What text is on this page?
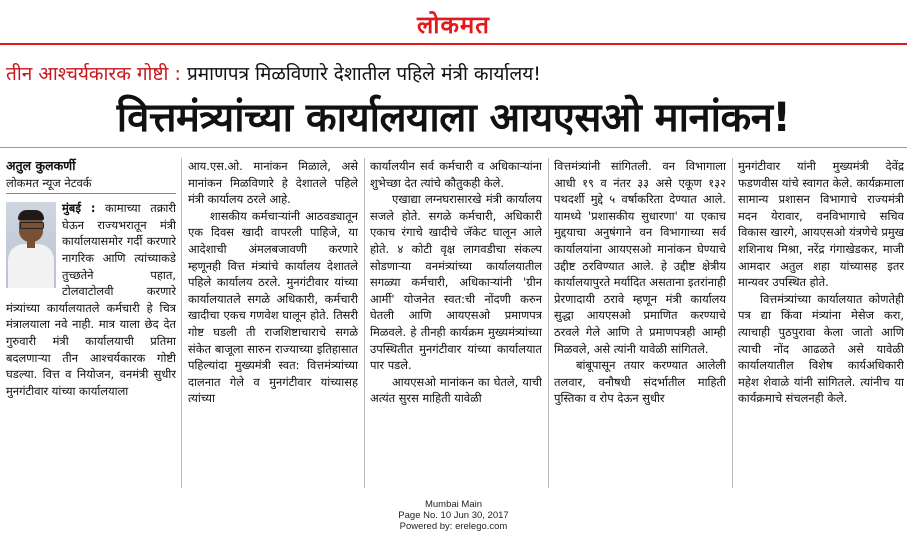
लोकमत
तीन आश्चर्यकारक गोष्टी : प्रमाणपत्र मिळविणारे देशातील पहिले मंत्री कार्यालय!
वित्तमंत्र्यांच्या कार्यालयाला आयएसओ मानांकन!
अतुल कुलकर्णी
लोकमत न्यूज नेटवर्क

मुंबई : कामाच्या तक्रारी घेऊन राज्यभरातून मंत्री कार्यालयासमोर गर्दी करणारे नागरिक आणि त्यांच्याकडे तुच्छतेने पहात, टोलवाटोलवी करणारे मंत्र्यांच्या कार्यालयातले कर्मचारी हे चित्र मंत्रालयाला नवे नाही. मात्र याला छेद देत गुरुवारी मंत्री कार्यालयाची प्रतिमा बदलणाऱ्या तीन आश्चर्यकारक गोष्टी घडल्या. वित्त व नियोजन, वनमंत्री सुधीर मुनगंटीवार यांच्या कार्यालयाला

आय.एस.ओ. मानांकन मिळाले, असे मानांकन मिळविणारे हे देशातले पहिले मंत्री कार्यालय ठरले आहे.

शासकीय कर्मचाऱ्यांनी आठवड्यातून एक दिवस खादी वापरली पाहिजे, या आदेशाची अंमलबजावणी करणारे म्हणूनही वित्त मंत्र्यांचे कार्यालय देशातले पहिले कार्यालय ठरले. मुनगंटीवार यांच्या कार्यालयातले सगळे अधिकारी, कर्मचारी खादीचा एकच गणवेश घालून होते. तिसरी गोष्ट घडली ती राजशिष्टाचाराचे सगळे संकेत बाजूला सारुन राज्याच्या इतिहासात पहिल्यांदा मुख्यमंत्री स्वत: वित्तमंत्र्यांच्या दालनात गेले व मुनगंटीवार यांच्यासह त्यांच्या

कार्यालयीन सर्व कर्मचारी व अधिकाऱ्यांना शुभेच्छा देत त्यांचे कौतुकही केले.

एखाद्या लग्नघरासारखे मंत्री कार्यालय सजले होते. सगळे कर्मचारी, अधिकारी एकाच रंगाचे खादीचे जॅकेट घालून आले होते. ४ कोटी वृक्ष लागवडीचा संकल्प सोडणाऱ्या वनमंत्र्यांच्या कार्यालयातील सगळ्या कर्मचारी, अधिकाऱ्यांनी 'ग्रीन आर्मी' योजनेत स्वत:ची नोंदणी करुन घेतली आणि आयएसओ प्रमाणपत्र मिळवले. हे तीनही कार्यक्रम मुख्यमंत्र्यांच्या उपस्थितीत मुनगंटीवार यांच्या कार्यालयात पार पडले.

आयएसओ मानांकन का घेतले, याची अत्यंत सुरस माहिती यावेळी

वित्तमंत्र्यांनी सांगितली. वन विभागाला आधी १९ व नंतर ३३ असे एकूण १३२ पथदर्शी मुद्दे ५ वर्षाकरिता देण्यात आले. यामध्ये 'प्रशासकीय सुधारणा' या एकाच मुद्दयाचा अनुषंगाने वन विभागाच्या सर्व कार्यालयांना आयएसओ मानांकन घेण्याचे उद्दीष्ट ठरविण्यात आले. हे उद्दीष्ट क्षेत्रीय कार्यालयापुरते मर्यादित असताना इतरांनाही प्रेरणादायी ठरावे म्हणून मंत्री कार्यालय सुद्धा आयएसओ प्रमाणित करण्याचे ठरवले गेले आणि ते प्रमाणपत्रही आम्ही मिळवले, असे त्यांनी यावेळी सांगितले.

बांबूपासून तयार करण्यात आलेली तलवार, वनौषधी संदर्भातील माहिती पुस्तिका व रोप देऊन सुधीर

मुनगंटीवार यांनी मुख्यमंत्री देवेंद्र फडणवीस यांचे स्वागत केले. कार्यक्रमाला सामान्य प्रशासन विभागाचे राज्यमंत्री मदन येरावार, वनविभागाचे सचिव विकास खारगे, आयएसओ यंत्रणेचे प्रमुख शशिनाथ मिश्रा, नरेंद्र गंगाखेडकर, माजी आमदार अतुल शहा यांच्यासह इतर मान्यवर उपस्थित होते.

वित्तमंत्र्यांच्या कार्यालयात कोणतेही पत्र द्या किंवा मंत्र्यांना मेसेज करा, त्याचाही पुठपुरावा केला जातो आणि त्याची नोंद आढळते असे यावेळी कार्यालयातील विशेष कार्यअधिकारी महेश शेवाळे यांनी सांगितले. त्यांनीच या कार्यक्रमाचे संचलनही केले.

Mumbai Main
Page No. 10 Jun 30, 2017
Powered by: erelego.com
